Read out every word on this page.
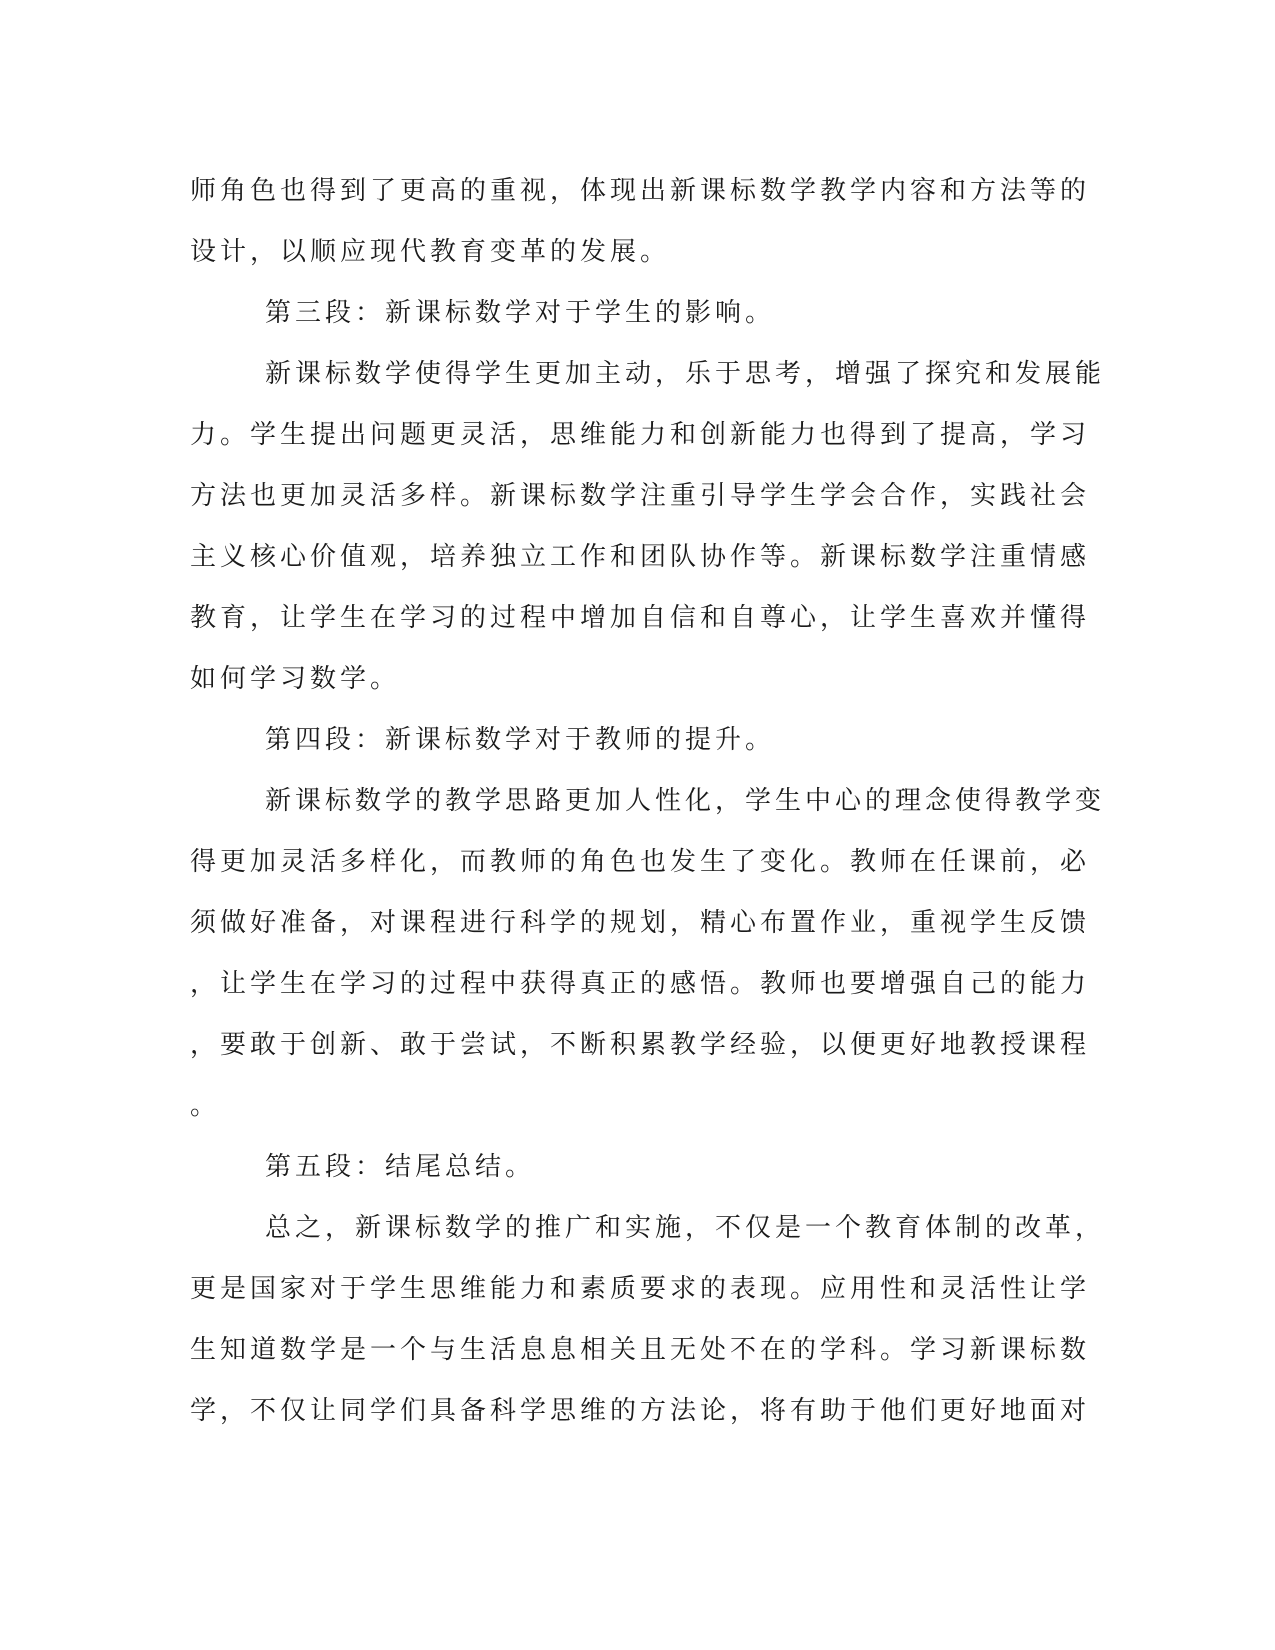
师角色也得到了更高的重视，体现出新课标数学教学内容和方法等的
设计，以顺应现代教育变革的发展。
第三段：新课标数学对于学生的影响。
新课标数学使得学生更加主动，乐于思考，增强了探究和发展能
力。学生提出问题更灵活，思维能力和创新能力也得到了提高，学习
方法也更加灵活多样。新课标数学注重引导学生学会合作，实践社会
主义核心价值观，培养独立工作和团队协作等。新课标数学注重情感
教育，让学生在学习的过程中增加自信和自尊心，让学生喜欢并懂得
如何学习数学。
第四段：新课标数学对于教师的提升。
新课标数学的教学思路更加人性化，学生中心的理念使得教学变
得更加灵活多样化，而教师的角色也发生了变化。教师在任课前，必
须做好准备，对课程进行科学的规划，精心布置作业，重视学生反馈
，让学生在学习的过程中获得真正的感悟。教师也要增强自己的能力
，要敢于创新、敢于尝试，不断积累教学经验，以便更好地教授课程
。
第五段：结尾总结。
总之，新课标数学的推广和实施，不仅是一个教育体制的改革，
更是国家对于学生思维能力和素质要求的表现。应用性和灵活性让学
生知道数学是一个与生活息息相关且无处不在的学科。学习新课标数
学，不仅让同学们具备科学思维的方法论，将有助于他们更好地面对
